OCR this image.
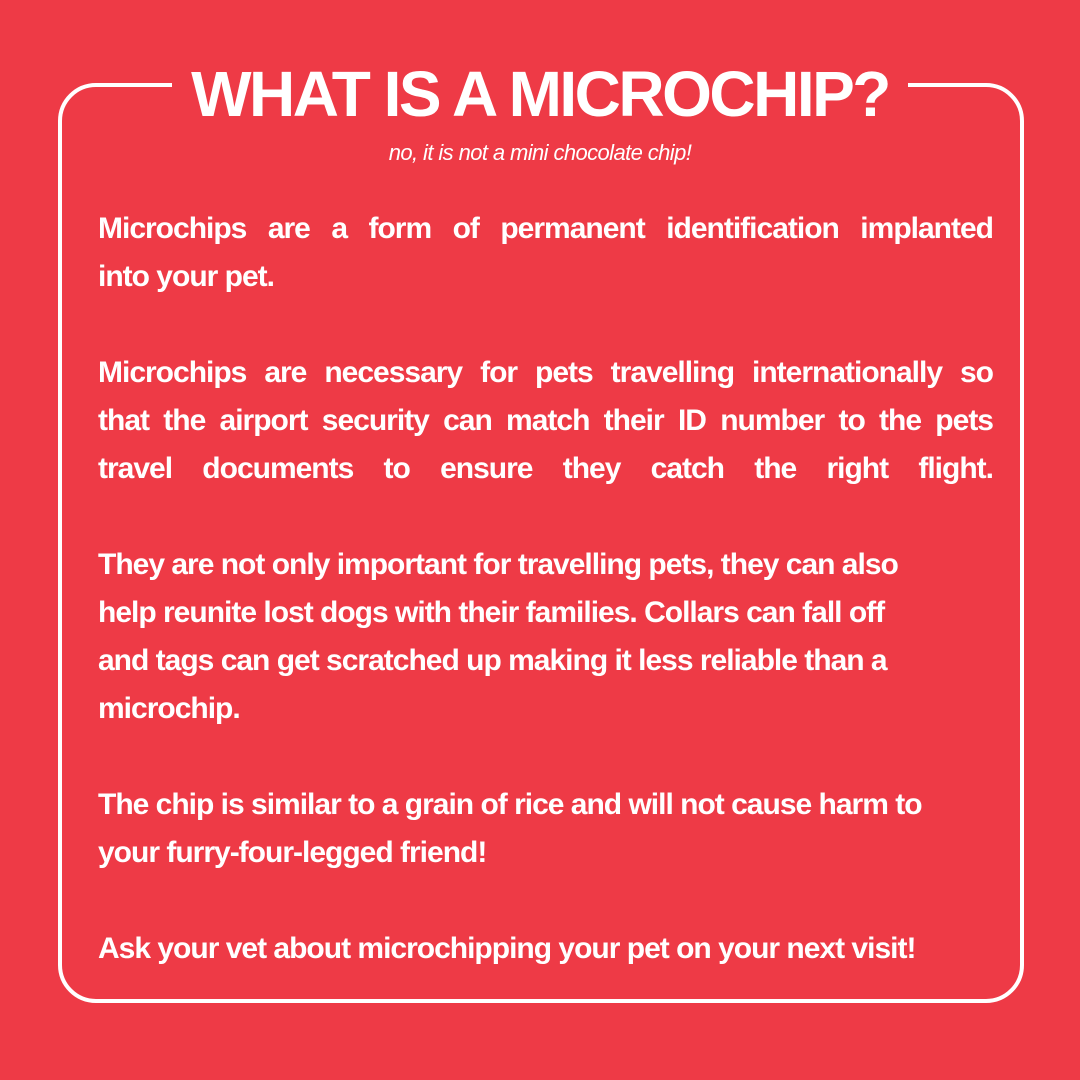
WHAT IS A MICROCHIP?

no, it is not a mini chocolate chip!

Microchips are a form of permanent identification implanted
into your pet.

Microchips are necessary for pets travelling internationally so
that the airport security can match their ID number to the pets
travel documents to ensure they catch the right flight.

They are not only important for travelling pets, they can also
help reunite lost dogs with their families. Collars can fall off
and tags can get scratched up making it less reliable than a
microchip.

The chip is similar to a grain of rice and will not cause harm to
your furry-four-legged friend!

Ask your vet about microchipping your pet on your next visit!
